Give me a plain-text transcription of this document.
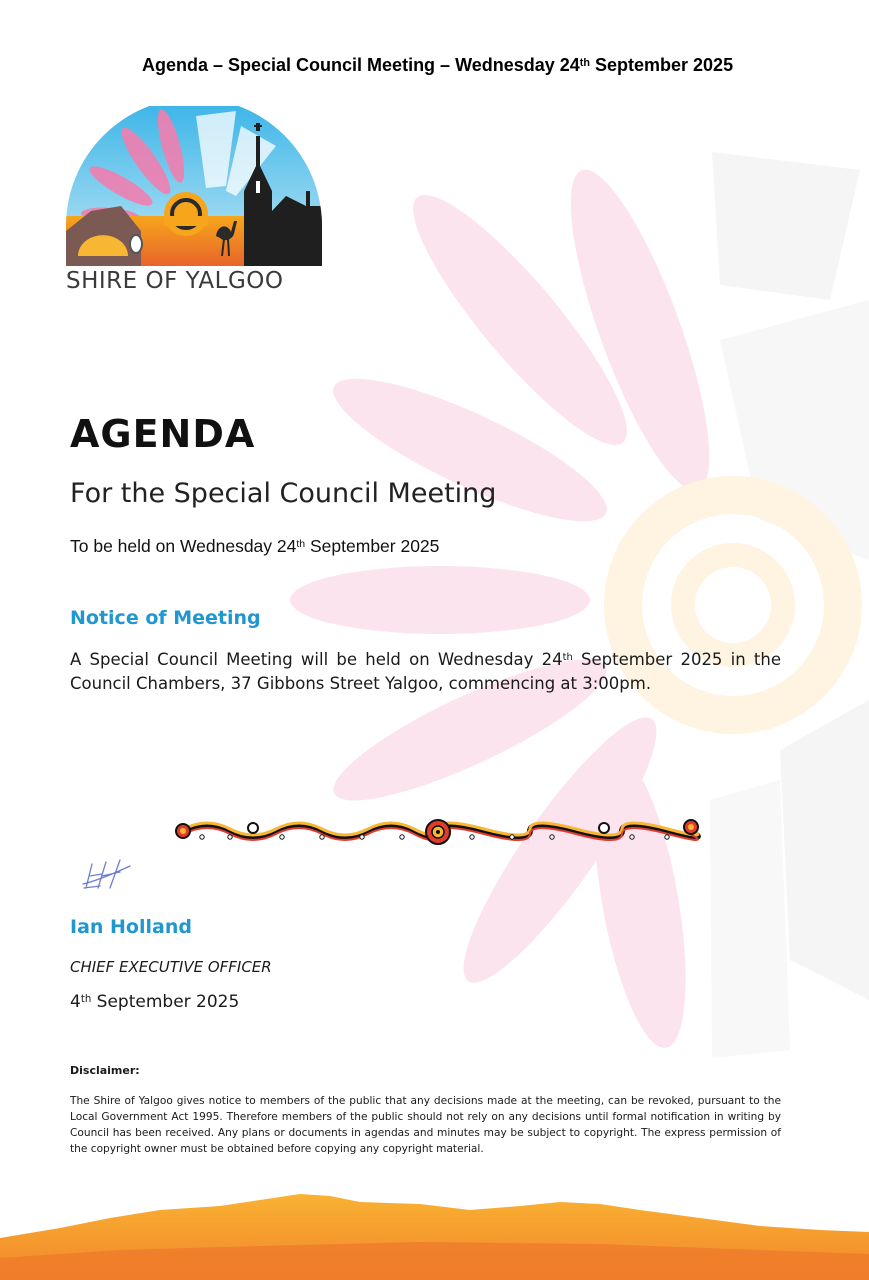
Agenda – Special Council Meeting – Wednesday 24th September 2025
SHIRE OF YALGOO
AGENDA
For the Special Council Meeting
To be held on Wednesday 24th September 2025
Notice of Meeting
A Special Council Meeting will be held on Wednesday 24th September 2025 in the Council Chambers, 37 Gibbons Street Yalgoo, commencing at 3:00pm.
Ian Holland
CHIEF EXECUTIVE OFFICER
4th September 2025
Disclaimer:
The Shire of Yalgoo gives notice to members of the public that any decisions made at the meeting, can be revoked, pursuant to the Local Government Act 1995. Therefore members of the public should not rely on any decisions until formal notification in writing by Council has been received. Any plans or documents in agendas and minutes may be subject to copyright. The express permission of the copyright owner must be obtained before copying any copyright material.
